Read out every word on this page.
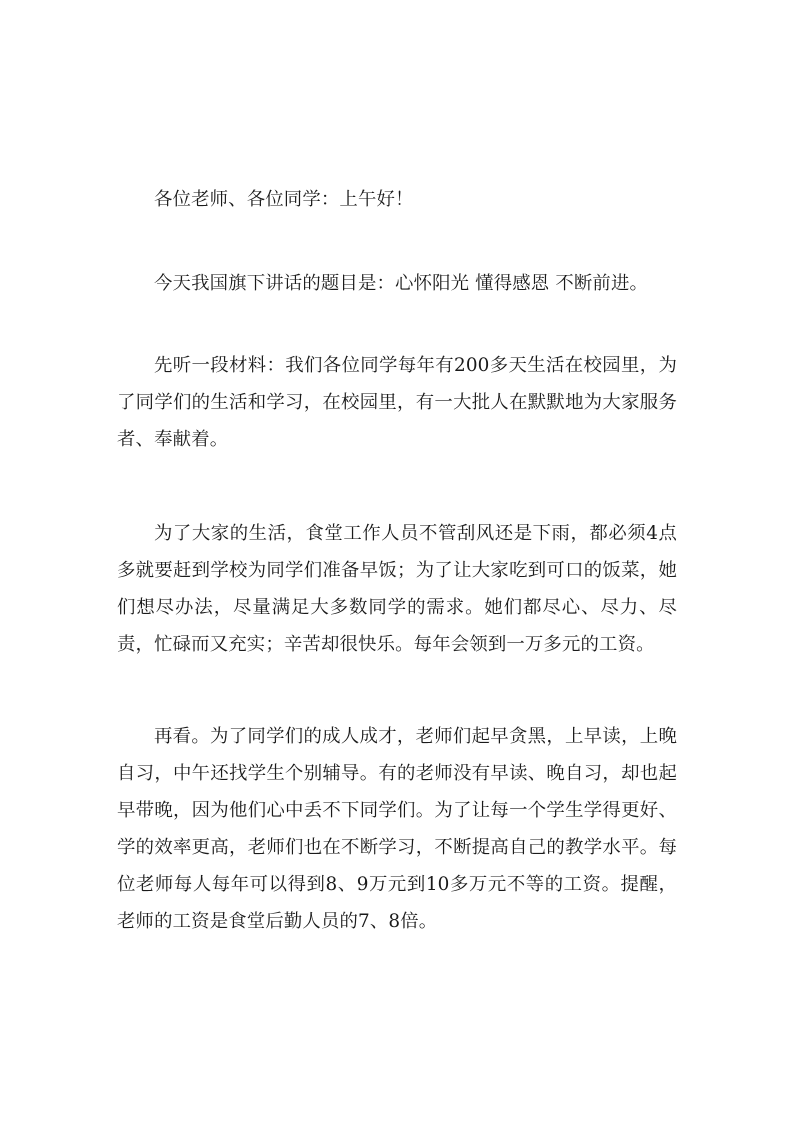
各位老师、各位同学：上午好！

今天我国旗下讲话的题目是：心怀阳光 懂得感恩 不断前进。

先听一段材料：我们各位同学每年有200多天生活在校园里，为了同学们的生活和学习，在校园里，有一大批人在默默地为大家服务者、奉献着。

为了大家的生活，食堂工作人员不管刮风还是下雨，都必须4点多就要赶到学校为同学们准备早饭；为了让大家吃到可口的饭菜，她们想尽办法，尽量满足大多数同学的需求。她们都尽心、尽力、尽责，忙碌而又充实；辛苦却很快乐。每年会领到一万多元的工资。

再看。为了同学们的成人成才，老师们起早贪黑，上早读，上晚自习，中午还找学生个别辅导。有的老师没有早读、晚自习，却也起早带晚，因为他们心中丢不下同学们。为了让每一个学生学得更好、学的效率更高，老师们也在不断学习，不断提高自己的教学水平。每位老师每人每年可以得到8、9万元到10多万元不等的工资。提醒，老师的工资是食堂后勤人员的7、8倍。
